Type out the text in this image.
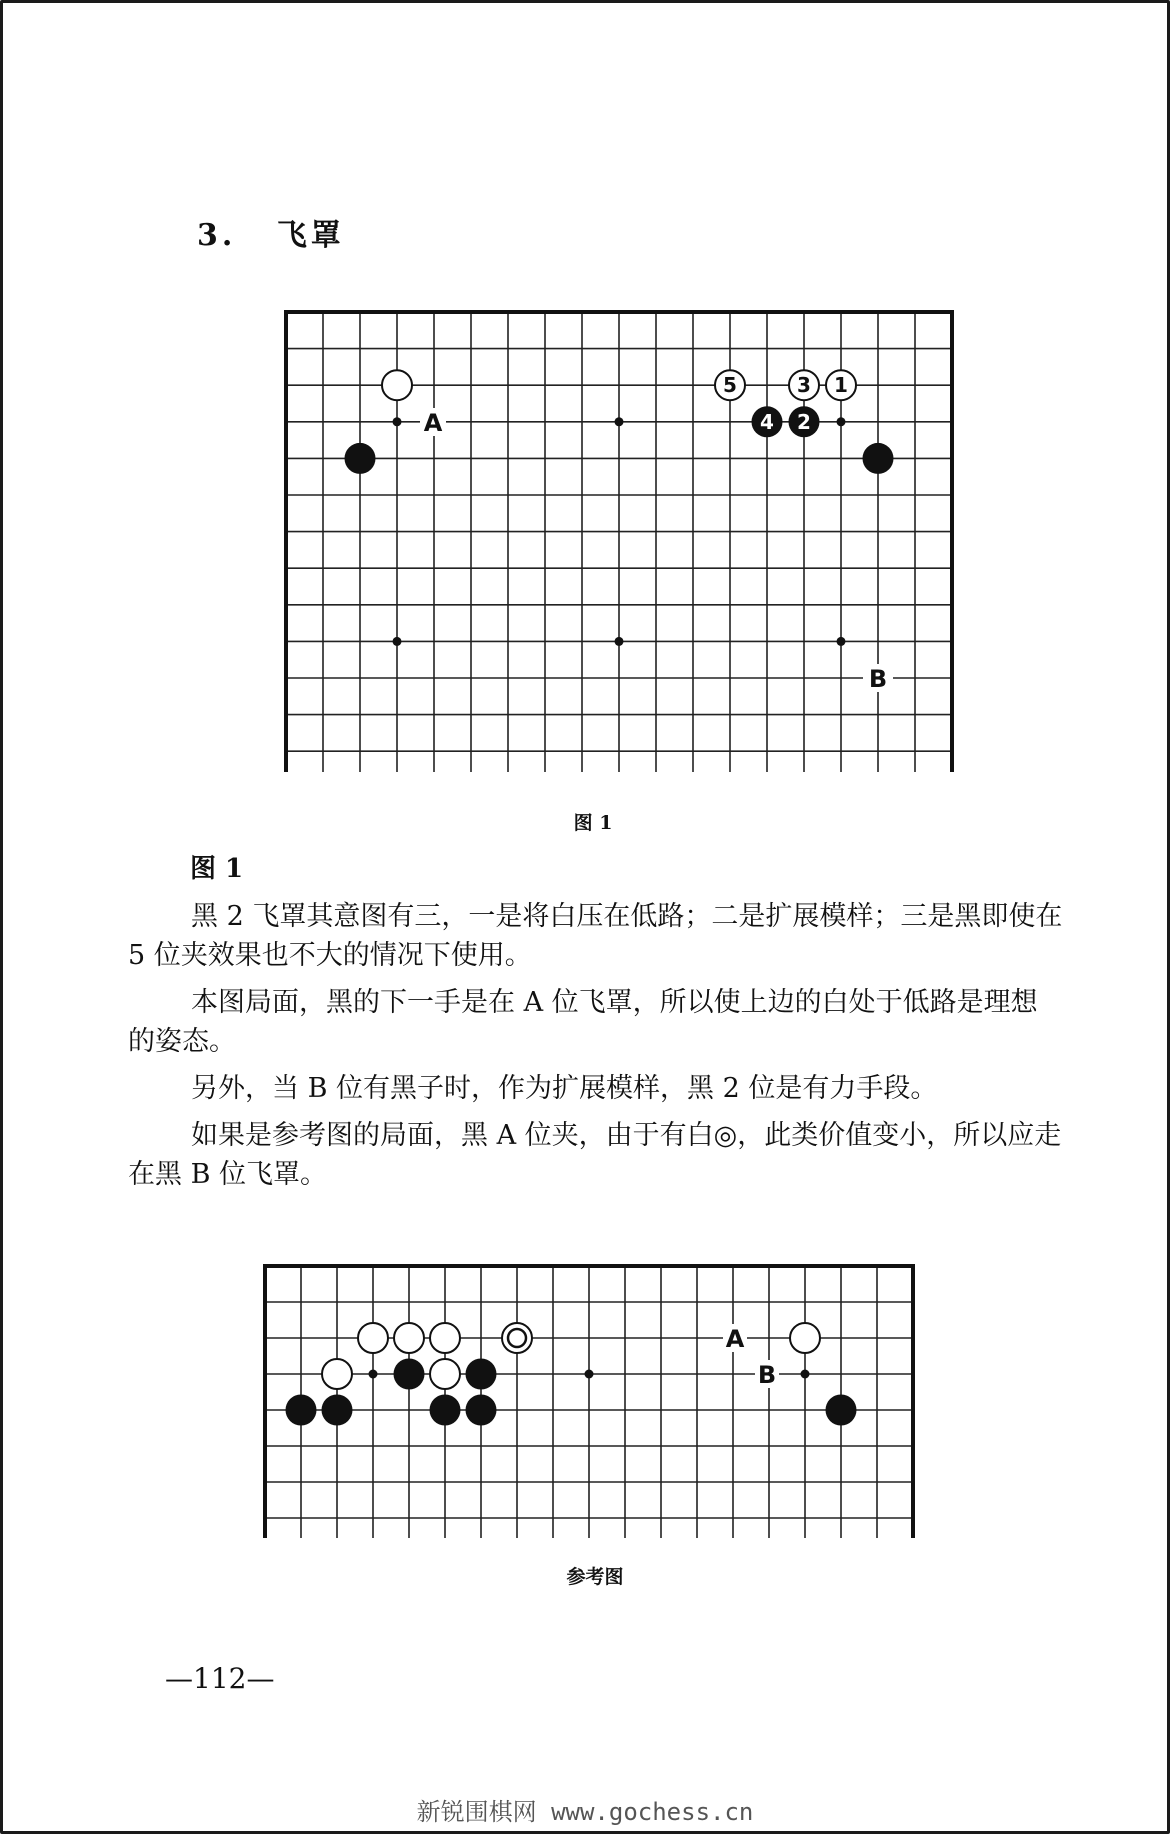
3. 飞罩
5	3 1
4 2
A
B
图 1
图 1

黑 2 飞罩其意图有三，一是将白压在低路；二是扩展模样；三是黑即使在 5 位夹效果也不大的情况下使用。

本图局面，黑的下一手是在 A 位飞罩，所以使上边的白处于低路是理想的姿态。

另外，当 B 位有黑子时，作为扩展模样，黑 2 位是有力手段。

如果是参考图的局面，黑 A 位夹，由于有白◎，此类价值变小，所以应走在黑 B 位飞罩。

A
B
参考图
—112—
新锐围棋网 www.gochess.cn
